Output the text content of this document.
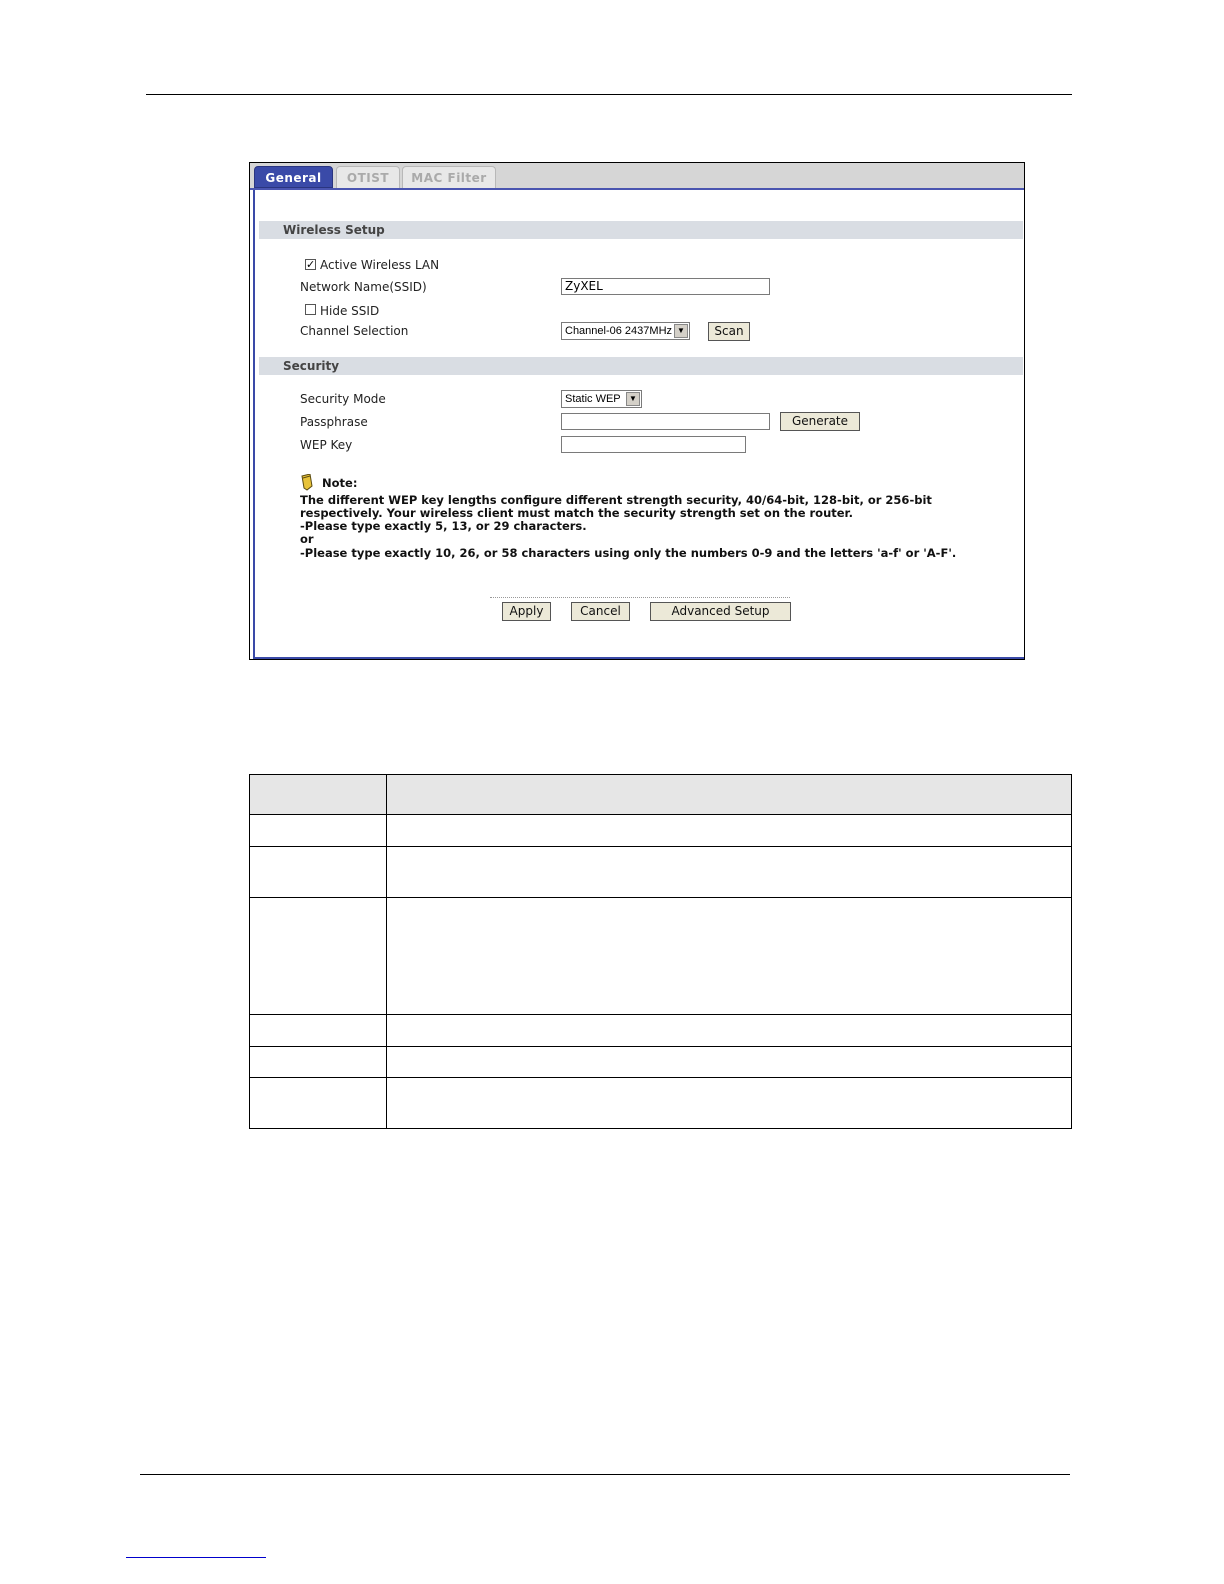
General	OTIST	MAC Filter
Wireless Setup
✓ Active Wireless LAN
Network Name(SSID)	ZyXEL
Hide SSID
Channel Selection	Channel-06 2437MHz ▼	Scan
Security
Security Mode	Static WEP	▼
Passphrase	Generate
WEP Key
Note:
The different WEP key lengths configure different strength security, 40/64-bit, 128-bit, or 256-bit
respectively. Your wireless client must match the security strength set on the router.
-Please type exactly 5, 13, or 29 characters.
or
-Please type exactly 10, 26, or 58 characters using only the numbers 0-9 and the letters 'a-f' or 'A-F'.
Apply	Cancel	Advanced Setup
